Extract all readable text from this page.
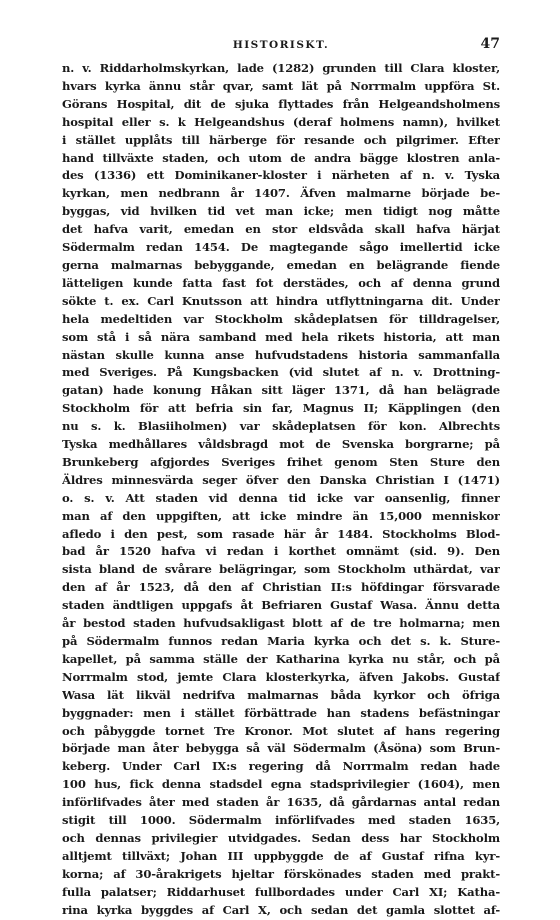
HISTORISKT.	47
n. v. Riddarholmskyrkan, lade (1282) grunden till Clara kloster,
hvars kyrka ännu står qvar, samt lät på Norrmalm uppföra St.
Görans Hospital, dit de sjuka flyttades från Helgeandsholmens
hospital eller s. k Helgeandshus (deraf holmens namn), hvilket
i stället upplåts till härberge för resande och pilgrimer. Efter
hand tillväxte staden, och utom de andra bägge klostren anla-
des (1336) ett Dominikaner-kloster i närheten af n. v. Tyska
kyrkan, men nedbrann år 1407. Äfven malmarne började be-
byggas, vid hvilken tid vet man icke; men tidigt nog måtte
det hafva varit, emedan en stor eldsvåda skall hafva härjat
Södermalm redan 1454. De magtegande sågo imellertid icke
gerna malmarnas bebyggande, emedan en belägrande fiende
lätteligen kunde fatta fast fot derstädes, och af denna grund
sökte t. ex. Carl Knutsson att hindra utflyttningarna dit. Under
hela medeltiden var Stockholm skådeplatsen för tilldragelser,
som stå i så nära samband med hela rikets historia, att man
nästan skulle kunna anse hufvudstadens historia sammanfalla
med Sveriges. På Kungsbacken (vid slutet af n. v. Drottning-
gatan) hade konung Håkan sitt läger 1371, då han belägrade
Stockholm för att befria sin far, Magnus II; Käpplingen (den
nu s. k. Blasiiholmen) var skådeplatsen för kon. Albrechts
Tyska medhållares våldsbragd mot de Svenska borgrarne; på
Brunkeberg afgjordes Sveriges frihet genom Sten Sture den
Äldres minnesvärda seger öfver den Danska Christian I (1471)
o. s. v. Att staden vid denna tid icke var oansenlig, finner
man af den uppgiften, att icke mindre än 15,000 menniskor
afledo i den pest, som rasade här år 1484. Stockholms Blod-
bad år 1520 hafva vi redan i korthet omnämt (sid. 9). Den
sista bland de svårare belägringar, som Stockholm uthärdat, var
den af år 1523, då den af Christian II:s höfdingar försvarade
staden ändtligen uppgafs åt Befriaren Gustaf Wasa. Ännu detta
år bestod staden hufvudsakligast blott af de tre holmarna; men
på Södermalm funnos redan Maria kyrka och det s. k. Sture-
kapellet, på samma ställe der Katharina kyrka nu står, och på
Norrmalm stod, jemte Clara klosterkyrka, äfven Jakobs. Gustaf
Wasa lät likväl nedrifva malmarnas båda kyrkor och öfriga
byggnader: men i stället förbättrade han stadens befästningar
och påbyggde tornet Tre Kronor. Mot slutet af hans regering
började man åter bebygga så väl Södermalm (Åsöna) som Brun-
keberg. Under Carl IX:s regering då Norrmalm redan hade
100 hus, fick denna stadsdel egna stadsprivilegier (1604), men
införlifvades åter med staden år 1635, då gårdarnas antal redan
stigit till 1000. Södermalm införlifvades med staden 1635,
och dennas privilegier utvidgades. Sedan dess har Stockholm
alltjemt tillväxt; Johan III uppbyggde de af Gustaf rifna kyr-
korna; af 30-årakrigets hjeltar förskönades staden med prakt-
fulla palatser; Riddarhuset fullbordades under Carl XI; Katha-
rina kyrka byggdes af Carl X, och sedan det gamla slottet af-
